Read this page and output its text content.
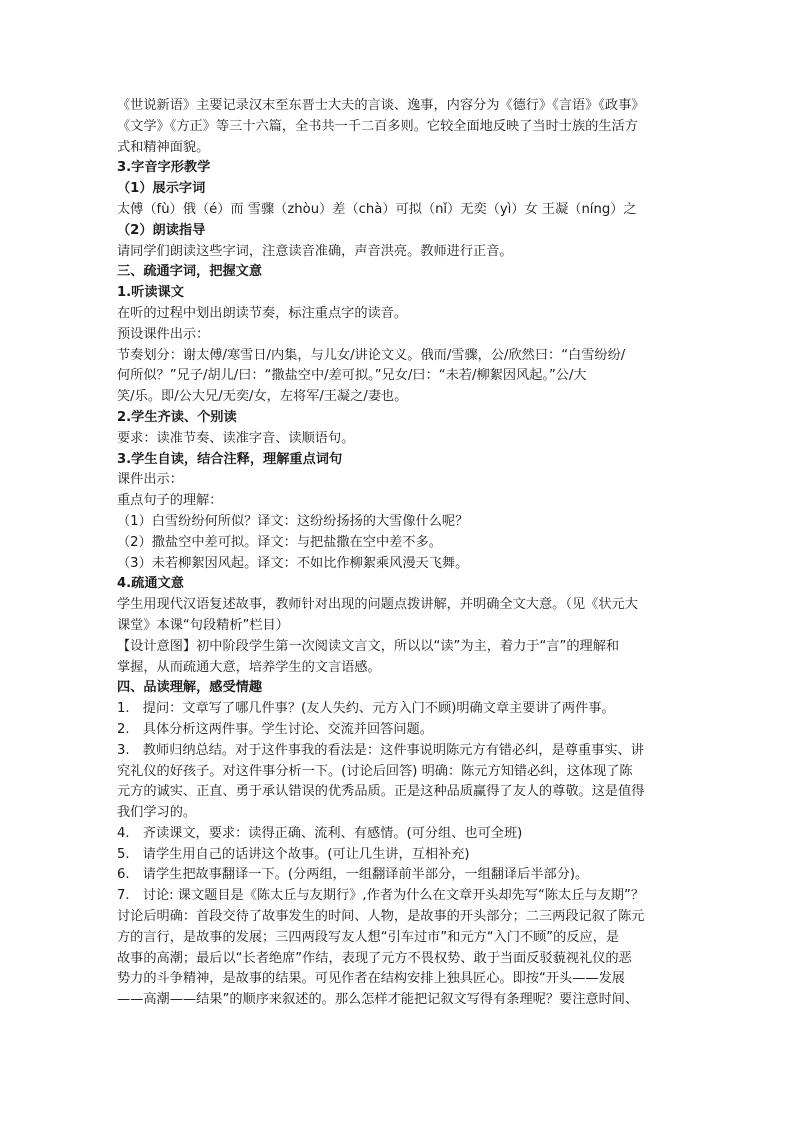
《世说新语》主要记录汉末至东晋士大夫的言谈、逸事，内容分为《德行》《言语》《政事》
《文学》《方正》等三十六篇，全书共一千二百多则。它较全面地反映了当时士族的生活方
式和精神面貌。
3.字音字形教学
（1）展示字词
太傅（fù）俄（é）而 雪骤（zhòu）差（chà）可拟（nǐ）无奕（yì）女 王凝（níng）之
（2）朗读指导
请同学们朗读这些字词，注意读音准确，声音洪亮。教师进行正音。
三、疏通字词，把握文意
1.听读课文
在听的过程中划出朗读节奏，标注重点字的读音。
预设课件出示：
节奏划分：谢太傅/寒雪日/内集，与儿女/讲论文义。俄而/雪骤，公/欣然曰：“白雪纷纷/
何所似？”兄子/胡儿/曰：“撒盐空中/差可拟。”兄女/曰：“未若/柳絮因风起。”公/大
笑/乐。即/公大兄/无奕/女，左将军/王凝之/妻也。
2.学生齐读、个别读
要求：读准节奏、读准字音、读顺语句。
3.学生自读，结合注释，理解重点词句
课件出示：
重点句子的理解：
（1）白雪纷纷何所似？译文：这纷纷扬扬的大雪像什么呢？
（2）撒盐空中差可拟。译文：与把盐撒在空中差不多。
（3）未若柳絮因风起。译文：不如比作柳絮乘风漫天飞舞。
4.疏通文意
学生用现代汉语复述故事，教师针对出现的问题点拨讲解，并明确全文大意。（见《状元大
课堂》本课“句段精析”栏目）
【设计意图】初中阶段学生第一次阅读文言文，所以以“读”为主，着力于“言”的理解和
掌握，从而疏通大意，培养学生的文言语感。
四、品读理解，感受情趣
1.　提问：文章写了哪几件事？(友人失约、元方入门不顾)明确文章主要讲了两件事。
2.　具体分析这两件事。学生讨论、交流并回答问题。
3.　教师归纳总结。对于这件事我的看法是：这件事说明陈元方有错必纠，是尊重事实、讲
究礼仪的好孩子。对这件事分析一下。(讨论后回答) 明确：陈元方知错必纠，这体现了陈
元方的诚实、正直、勇于承认错误的优秀品质。正是这种品质赢得了友人的尊敬。这是值得
我们学习的。
4.　齐读课文，要求：读得正确、流利、有感情。(可分组、也可全班)
5.　请学生用自己的话讲这个故事。(可让几生讲，互相补充)
6.　请学生把故事翻译一下。(分两组，一组翻译前半部分，一组翻译后半部分)。
7.　讨论: 课文题目是《陈太丘与友期行》,作者为什么在文章开头却先写“陈太丘与友期”？
讨论后明确：首段交待了故事发生的时间、人物，是故事的开头部分；二三两段记叙了陈元
方的言行，是故事的发展；三四两段写友人想“引车过市”和元方“入门不顾”的反应，是
故事的高潮；最后以“长者绝席”作结，表现了元方不畏权势、敢于当面反驳藐视礼仪的恶
势力的斗争精神，是故事的结果。可见作者在结构安排上独具匠心。即按“开头——发展
——高潮——结果”的顺序来叙述的。那么怎样才能把记叙文写得有条理呢？要注意时间、
